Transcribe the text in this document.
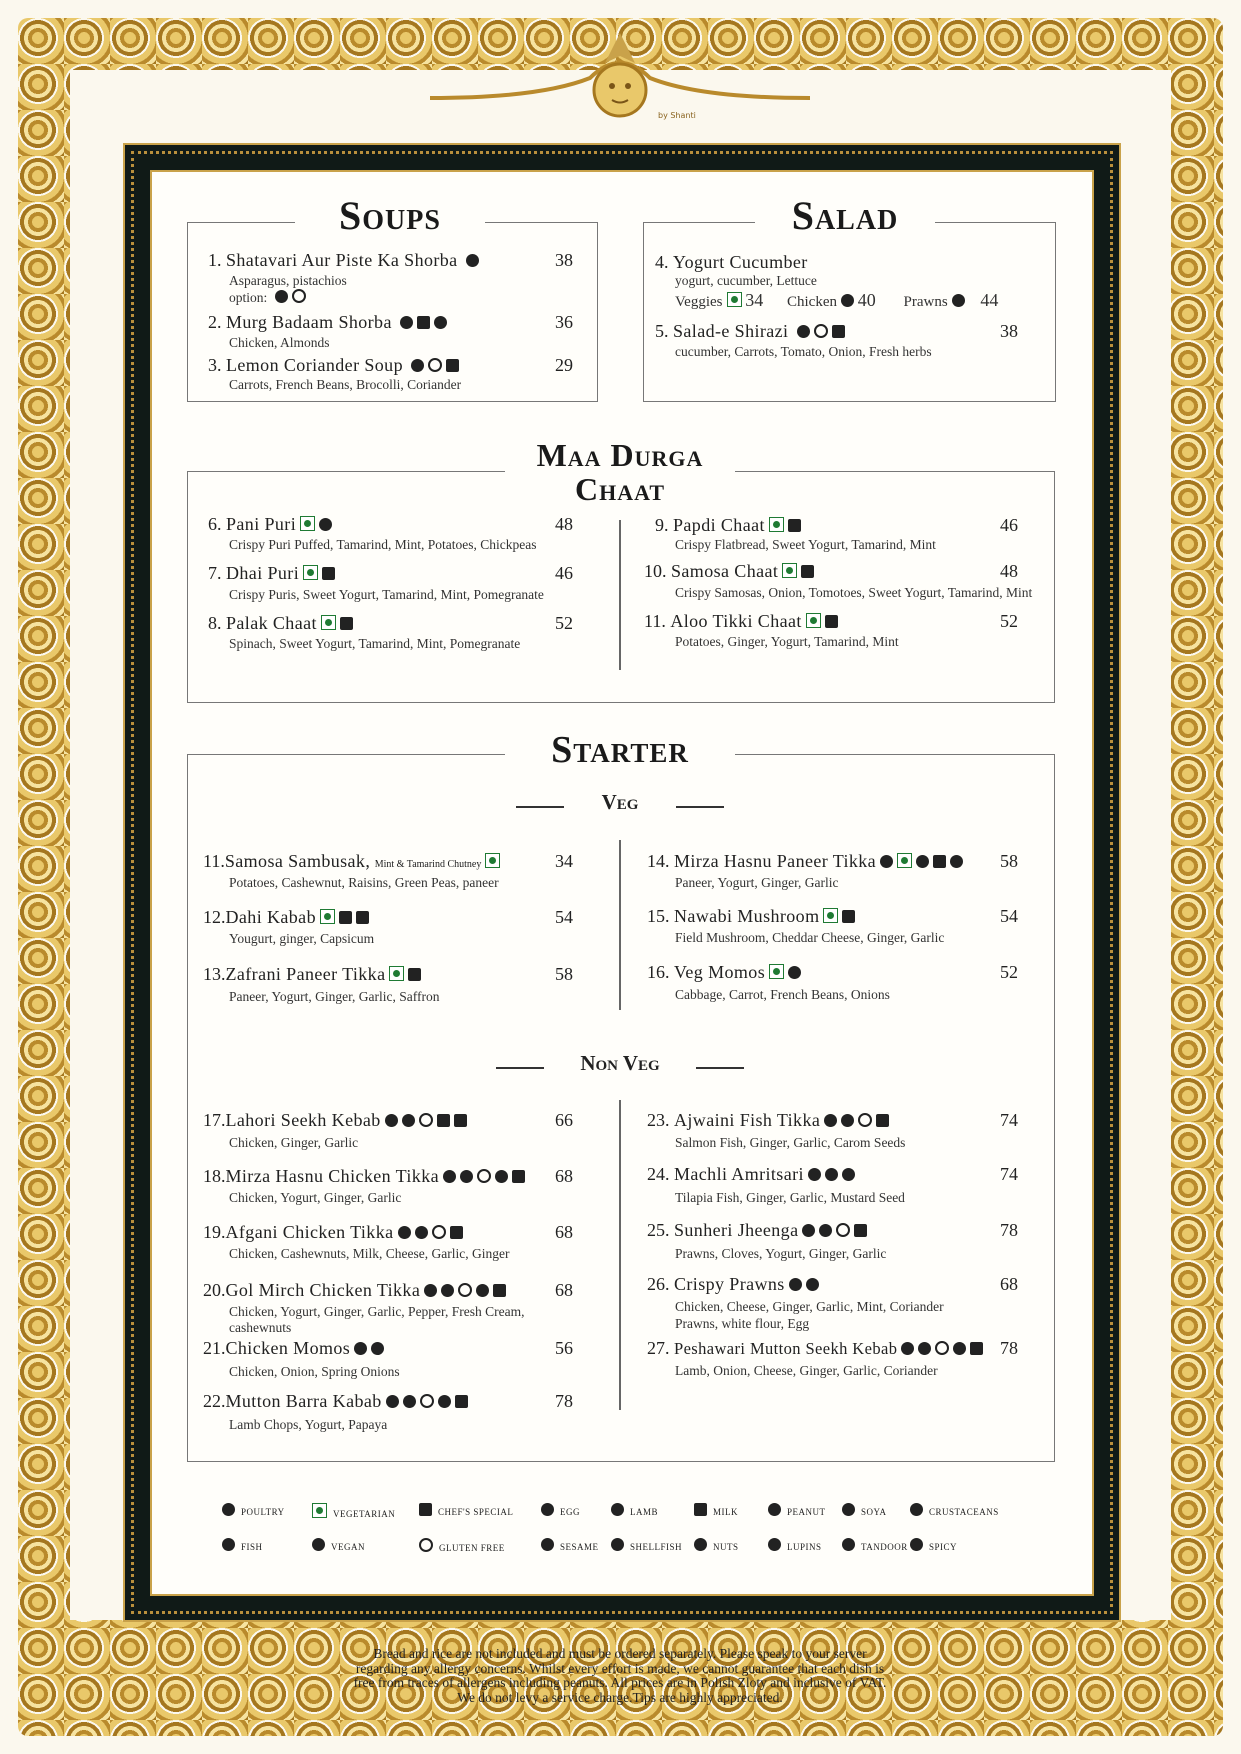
by Shanti
Soups
1. Shatavari Aur Piste Ka Shorba	38
Asparagus, pistachios
option:
2. Murg Badaam Shorba	36
Chicken, Almonds
3. Lemon Coriander Soup	29
Carrots, French Beans, Brocolli, Coriander
Salad
4. Yogurt Cucumber
yogurt, cucumber, Lettuce
Veggies 34 Chicken 40 Prawns 44
5. Salad-e Shirazi	38
cucumber, Carrots, Tomato, Onion, Fresh herbs
Maa Durga
Chaat
6. Pani Puri	48
Crispy Puri Puffed, Tamarind, Mint, Potatoes, Chickpeas
7. Dhai Puri	46
Crispy Puris, Sweet Yogurt, Tamarind, Mint, Pomegranate
8. Palak Chaat	52
Spinach, Sweet Yogurt, Tamarind, Mint, Pomegranate
9. Papdi Chaat	46
Crispy Flatbread, Sweet Yogurt, Tamarind, Mint
10. Samosa Chaat	48
Crispy Samosas, Onion, Tomotoes, Sweet Yogurt, Tamarind, Mint
11. Aloo Tikki Chaat	52
Potatoes, Ginger, Yogurt, Tamarind, Mint
Starter
Veg
11.Samosa Sambusak, Mint & Tamarind Chutney	34
Potatoes, Cashewnut, Raisins, Green Peas, paneer
12.Dahi Kabab	54
Yougurt, ginger, Capsicum
13.Zafrani Paneer Tikka	58
Paneer, Yogurt, Ginger, Garlic, Saffron
14. Mirza Hasnu Paneer Tikka	58
Paneer, Yogurt, Ginger, Garlic
15. Nawabi Mushroom	54
Field Mushroom, Cheddar Cheese, Ginger, Garlic
16. Veg Momos	52
Cabbage, Carrot, French Beans, Onions
Non Veg
17.Lahori Seekh Kebab	66
Chicken, Ginger, Garlic
18.Mirza Hasnu Chicken Tikka	68
Chicken, Yogurt, Ginger, Garlic
19.Afgani Chicken Tikka	68
Chicken, Cashewnuts, Milk, Cheese, Garlic, Ginger
20.Gol Mirch Chicken Tikka	68
Chicken, Yogurt, Ginger, Garlic, Pepper, Fresh Cream,
cashewnuts
21.Chicken Momos	56
Chicken, Onion, Spring Onions
22.Mutton Barra Kabab	78
Lamb Chops, Yogurt, Papaya
23. Ajwaini Fish Tikka	74
Salmon Fish, Ginger, Garlic, Carom Seeds
24. Machli Amritsari	74
Tilapia Fish, Ginger, Garlic, Mustard Seed
25. Sunheri Jheenga	78
Prawns, Cloves, Yogurt, Ginger, Garlic
26. Crispy Prawns	68
Chicken, Cheese, Ginger, Garlic, Mint, Coriander
Prawns, white flour, Egg
27. Peshawari Mutton Seekh Kebab	78
Lamb, Onion, Cheese, Ginger, Garlic, Coriander
POULTRY	VEGETARIAN	CHEF'S SPECIAL	EGG	LAMB	MILK	PEANUT	SOYA	CRUSTACEANS
FISH	VEGAN	GLUTEN FREE	SESAME	SHELLFISH	NUTS	LUPINS	TANDOOR	SPICY
Bread and rice are not included and must be ordered separately. Please speak to your server
regarding any allergy concerns. Whilst every effort is made, we cannot guarantee that each dish is
free from traces of allergens including peanuts. All prices are in Polish Zloty and inclusive of VAT.
We do not levy a service charge.Tips are highly appreciated.
